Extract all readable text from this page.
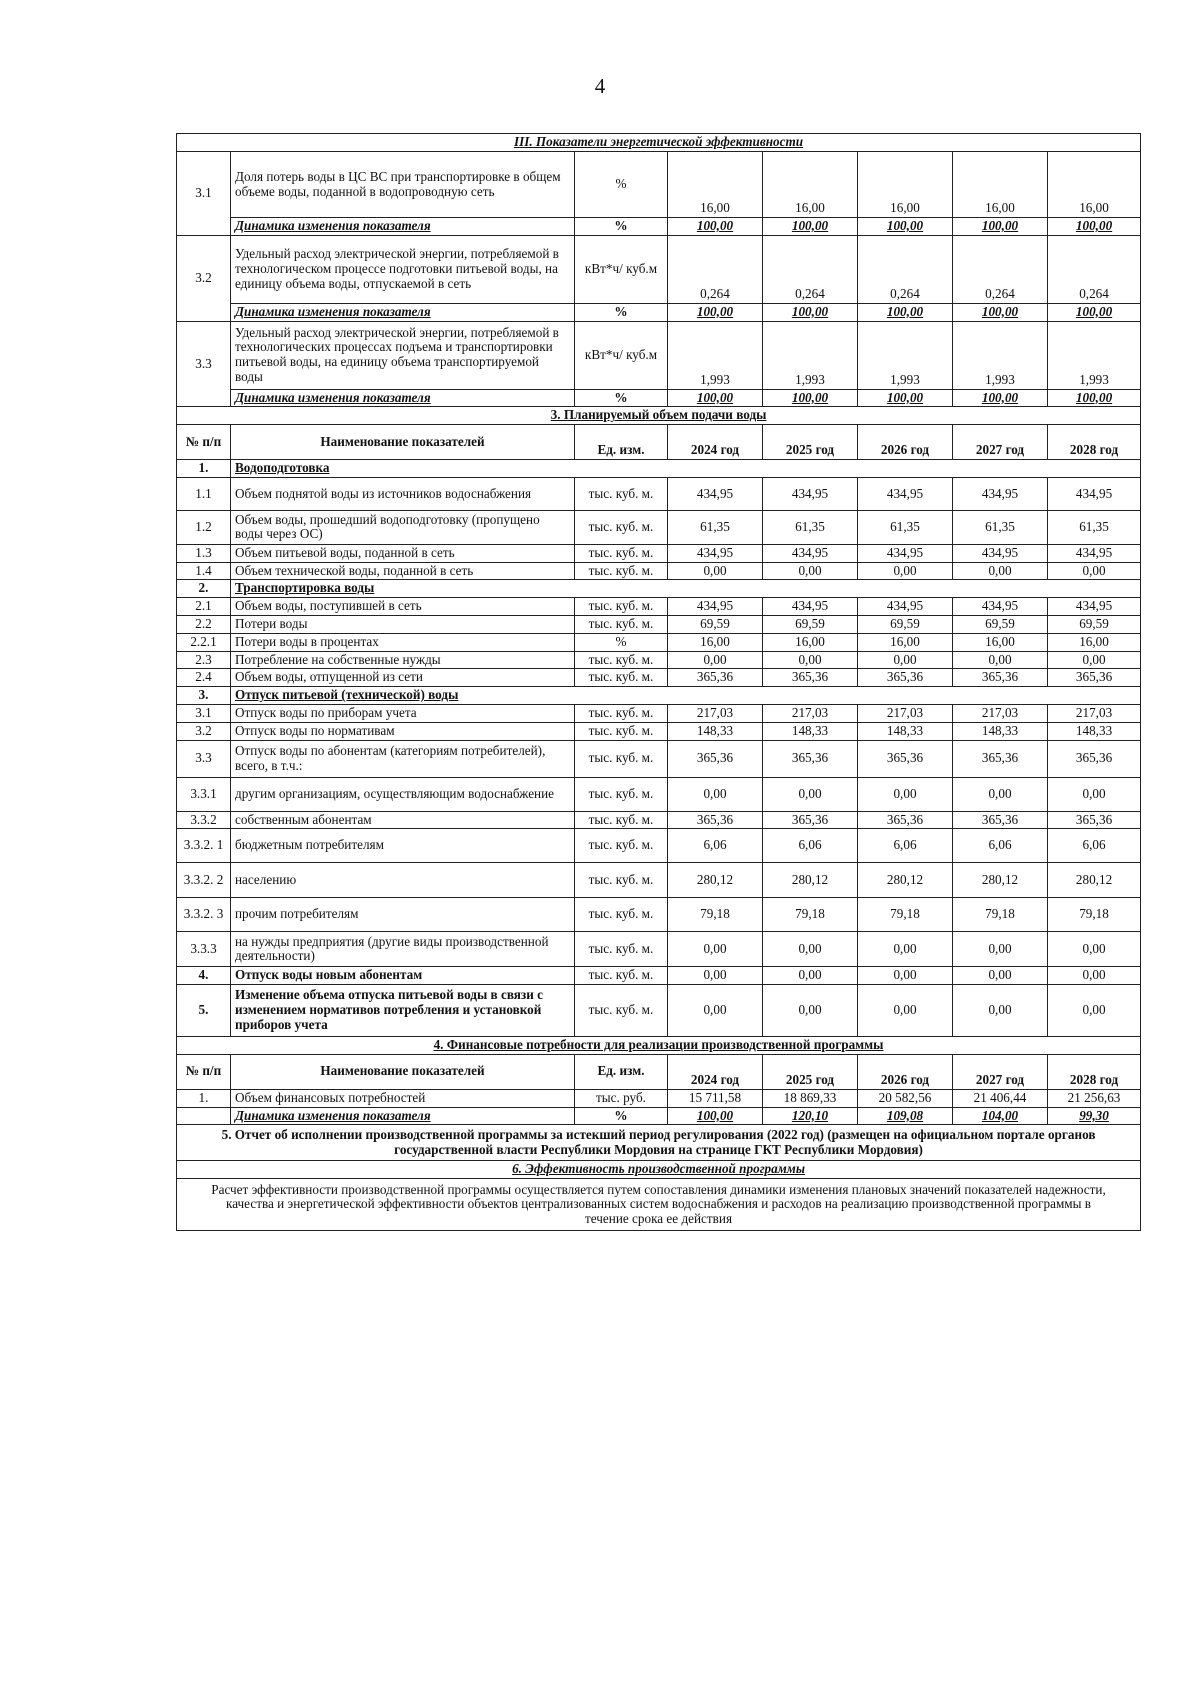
4
III. Показатели энергетической эффективности							
3.1	Доля потерь воды в ЦС ВС при транспортировке в общем объеме воды, поданной в водопроводную сеть	%	16,00	16,00	16,00	16,00	16,00
	Динамика изменения показателя	%	100,00	100,00	100,00	100,00	100,00
3.2	Удельный расход электрической энергии, потребляемой в технологическом процессе подготовки питьевой воды, на единицу объема воды, отпускаемой в сеть	кВт*ч/ куб.м	0,264	0,264	0,264	0,264	0,264
	Динамика изменения показателя	%	100,00	100,00	100,00	100,00	100,00
3.3	Удельный расход электрической энергии, потребляемой в технологических процессах подъема и транспортировки питьевой воды, на единицу объема транспортируемой воды	кВт*ч/ куб.м	1,993	1,993	1,993	1,993	1,993
	Динамика изменения показателя	%	100,00	100,00	100,00	100,00	100,00
3. Планируемый объем подачи воды							
№ п/п	Наименование показателей	Ед. изм.	2024 год	2025 год	2026 год	2027 год	2028 год
1.	Водоподготовка						
1.1	Объем поднятой воды из источников водоснабжения	тыс. куб. м.	434,95	434,95	434,95	434,95	434,95
1.2	Объем воды, прошедший водоподготовку (пропущено воды через ОС)	тыс. куб. м.	61,35	61,35	61,35	61,35	61,35
1.3	Объем питьевой воды, поданной в сеть	тыс. куб. м.	434,95	434,95	434,95	434,95	434,95
1.4	Объем технической воды, поданной в сеть	тыс. куб. м.	0,00	0,00	0,00	0,00	0,00
2.	Транспортировка воды						
2.1	Объем воды, поступившей в сеть	тыс. куб. м.	434,95	434,95	434,95	434,95	434,95
2.2	Потери воды	тыс. куб. м.	69,59	69,59	69,59	69,59	69,59
2.2.1	Потери воды в процентах	%	16,00	16,00	16,00	16,00	16,00
2.3	Потребление на собственные нужды	тыс. куб. м.	0,00	0,00	0,00	0,00	0,00
2.4	Объем воды, отпущенной из сети	тыс. куб. м.	365,36	365,36	365,36	365,36	365,36
3.	Отпуск питьевой (технической) воды						
3.1	Отпуск воды по приборам учета	тыс. куб. м.	217,03	217,03	217,03	217,03	217,03
3.2	Отпуск воды по нормативам	тыс. куб. м.	148,33	148,33	148,33	148,33	148,33
3.3	Отпуск воды по абонентам (категориям потребителей), всего, в т.ч.:	тыс. куб. м.	365,36	365,36	365,36	365,36	365,36
3.3.1	другим организациям, осуществляющим водоснабжение	тыс. куб. м.	0,00	0,00	0,00	0,00	0,00
3.3.2	собственным абонентам	тыс. куб. м.	365,36	365,36	365,36	365,36	365,36
3.3.2. 1	бюджетным потребителям	тыс. куб. м.	6,06	6,06	6,06	6,06	6,06
3.3.2. 2	населению	тыс. куб. м.	280,12	280,12	280,12	280,12	280,12
3.3.2. 3	прочим потребителям	тыс. куб. м.	79,18	79,18	79,18	79,18	79,18
3.3.3	на нужды предприятия (другие виды производственной деятельности)	тыс. куб. м.	0,00	0,00	0,00	0,00	0,00
4.	Отпуск воды новым абонентам	тыс. куб. м.	0,00	0,00	0,00	0,00	0,00
5.	Изменение объема отпуска питьевой воды в связи с изменением нормативов потребления и установкой приборов учета	тыс. куб. м.	0,00	0,00	0,00	0,00	0,00
4. Финансовые потребности для реализации производственной программы							
№ п/п	Наименование показателей	Ед. изм.	2024 год	2025 год	2026 год	2027 год	2028 год
1.	Объем финансовых потребностей	тыс. руб.	15 711,58	18 869,33	20 582,56	21 406,44	21 256,63
	Динамика изменения показателя	%	100,00	120,10	109,08	104,00	99,30
5. Отчет об исполнении производственной программы за истекший период регулирования (2022 год) (размещен на официальном портале органов государственной власти Республики Мордовия на странице ГКТ Республики Мордовия)							
6. Эффективность производственной программы							
Расчет эффективности производственной программы осуществляется путем сопоставления динамики изменения плановых значений показателей надежности, качества и энергетической эффективности объектов централизованных систем водоснабжения и расходов на реализацию производственной программы в течение срока ее действия							
